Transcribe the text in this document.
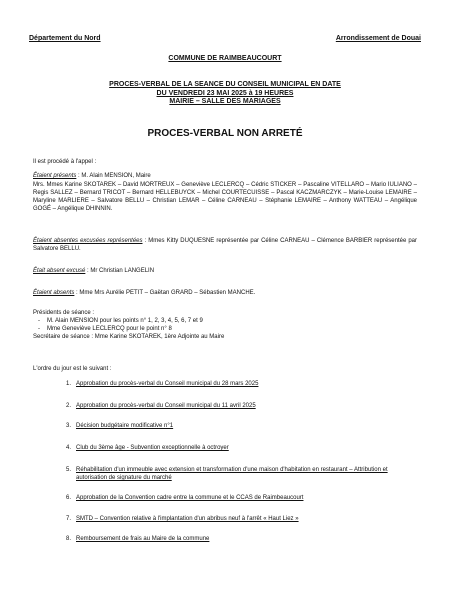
Département du Nord	Arrondissement de Douai
COMMUNE DE RAIMBEAUCOURT
PROCES-VERBAL DE LA SEANCE DU CONSEIL MUNICIPAL EN DATE
DU VENDREDI 23 MAI 2025 à 19 HEURES
MAIRIE – SALLE DES MARIAGES
PROCES-VERBAL NON ARRETÉ
Il est procédé à l'appel :
Étaient présents : M. Alain MENSION, Maire
Mrs. Mmes Karine SKOTAREK – David MORTREUX – Geneviève LECLERCQ – Cédric STICKER – Pascaline VITELLARO – Mario IULIANO – Regis SALLEZ – Bernard TRICOT – Bernard HELLEBUYCK – Michel COURTECUISSE – Pascal KACZMARCZYK – Marie-Louise LEMAIRE – Maryline MARLIERE – Salvatore BELLU – Christian LEMAR – Céline CARNEAU – Stéphanie LEMAIRE – Anthony WATTEAU – Angélique GOGÉ – Angélique DHINNIN.
Étaient absentes excusées représentées : Mmes Kitty DUQUESNE représentée par Céline CARNEAU – Clémence BARBIER représentée par Salvatore BELLU.
Était absent excusé : Mr Christian LANGELIN
Étaient absents : Mme Mrs Aurélie PETIT – Gaëtan GRARD – Sébastien MANCHE.
Présidents de séance :
- M. Alain MENSION pour les points n° 1, 2, 3, 4, 5, 6, 7 et 9
- Mme Geneviève LECLERCQ pour le point n° 8
Secrétaire de séance : Mme Karine SKOTAREK, 1ère Adjointe au Maire
L'ordre du jour est le suivant :
1. Approbation du procès-verbal du Conseil municipal du 28 mars 2025
2. Approbation du procès-verbal du Conseil municipal du 11 avril 2025
3. Décision budgétaire modificative n°1
4. Club du 3ème âge - Subvention exceptionnelle à octroyer
5. Réhabilitation d'un immeuble avec extension et transformation d'une maison d'habitation en restaurant – Attribution et autorisation de signature du marché
6. Approbation de la Convention cadre entre la commune et le CCAS de Raimbeaucourt
7. SMTD – Convention relative à l'implantation d'un abribus neuf à l'arrêt « Haut Liez »
8. Remboursement de frais au Maire de la commune
